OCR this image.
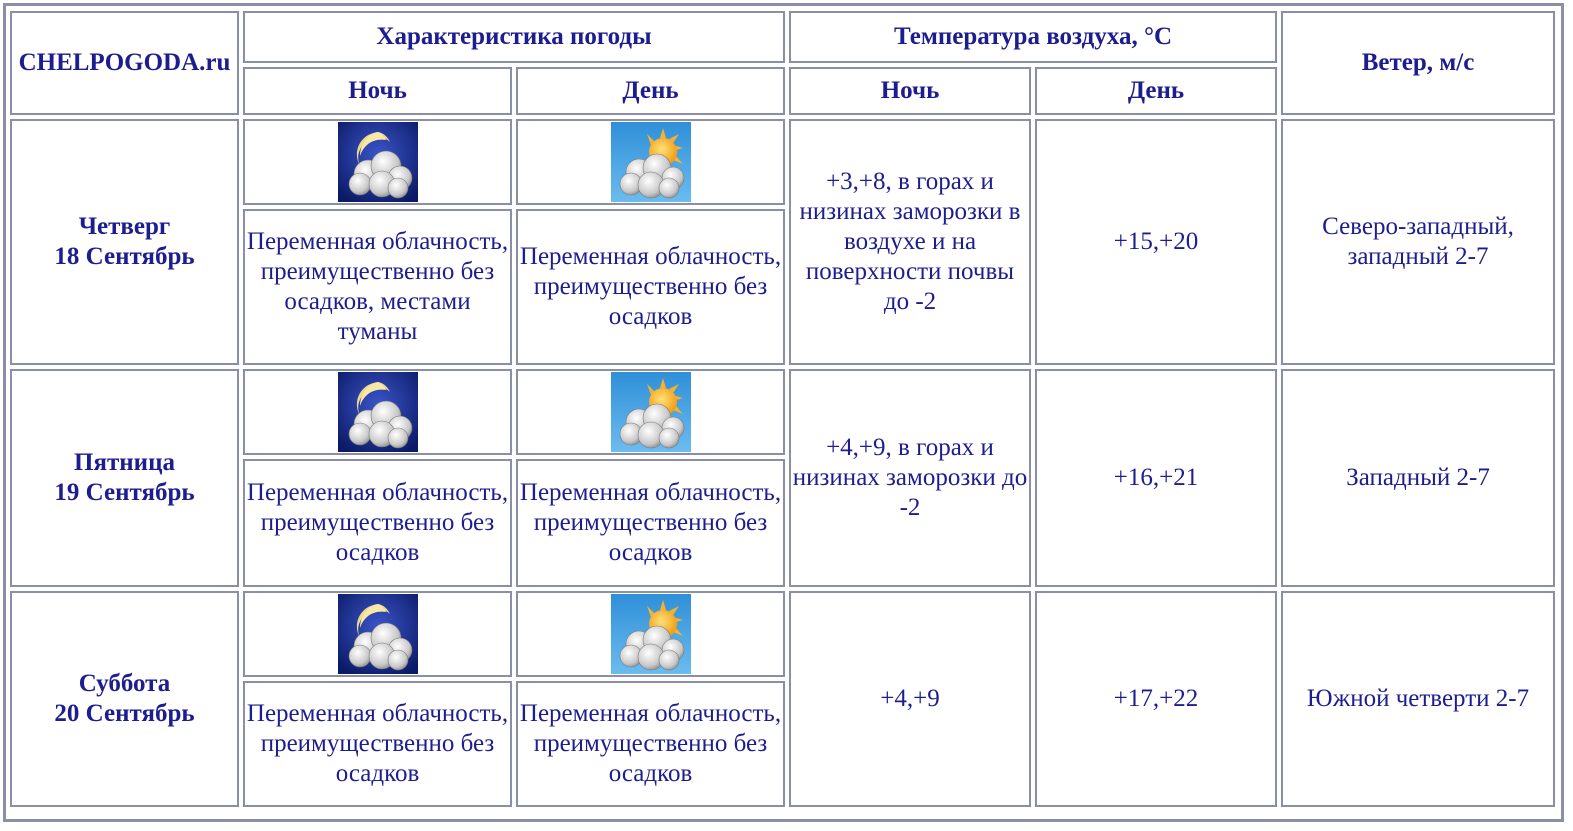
CHELPOGODA.ru	Характеристика погоды		Температура воздуха, °С		Ветер, м/с
	Ночь	День	Ночь	День	
Четверг
18 Сентябрь			+3,+8, в горах и низинах заморозки в воздухе и на поверхности почвы до -2	+15,+20	Северо-западный, западный 2-7
	Переменная облачность, преимущественно без осадков, местами туманы	Переменная облачность, преимущественно без осадков			
Пятница
19 Сентябрь			+4,+9, в горах и низинах заморозки до -2	+16,+21	Западный 2-7
	Переменная облачность, преимущественно без осадков	Переменная облачность, преимущественно без осадков			
Суббота
20 Сентябрь			+4,+9	+17,+22	Южной четверти 2-7
	Переменная облачность, преимущественно без осадков	Переменная облачность, преимущественно без осадков			
